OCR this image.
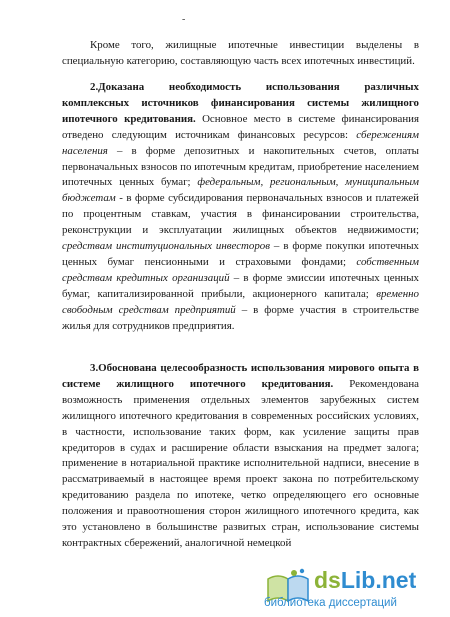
-
Кроме того, жилищные ипотечные инвестиции выделены в специальную категорию, составляющую часть всех ипотечных инвестиций.
2.Доказана необходимость использования различных комплексных источников финансирования системы жилищного ипотечного кредитования. Основное место в системе финансирования отведено следующим источникам финансовых ресурсов: сбережениям населения – в форме депозитных и накопительных счетов, оплаты первоначальных взносов по ипотечным кредитам, приобретение населением ипотечных ценных бумаг; федеральным, региональным, муниципальным бюджетам - в форме субсидирования первоначальных взносов и платежей по процентным ставкам, участия в финансировании строительства, реконструкции и эксплуатации жилищных объектов недвижимости; средствам институциональных инвесторов – в форме покупки ипотечных ценных бумаг пенсионными и страховыми фондами; собственным средствам кредитных организаций – в форме эмиссии ипотечных ценных бумаг, капитализированной прибыли, акционерного капитала; временно свободным средствам предприятий – в форме участия в строительстве жилья для сотрудников предприятия.
3.Обоснована целесообразность использования мирового опыта в системе жилищного ипотечного кредитования. Рекомендована возможность применения отдельных элементов зарубежных систем жилищного ипотечного кредитования в современных российских условиях, в частности, использование таких форм, как усиление защиты прав кредиторов в судах и расширение области взыскания на предмет залога; применение в нотариальной практике исполнительной надписи, внесение в рассматриваемый в настоящее время проект закона по потребительскому кредитованию раздела по ипотеке, четко определяющего его основные положения и правоотношения сторон жилищного ипотечного кредита, как это установлено в большинстве развитых стран, использование системы контрактных сбережений, аналогичной немецкой
dsLib.net
библиотека диссертаций
